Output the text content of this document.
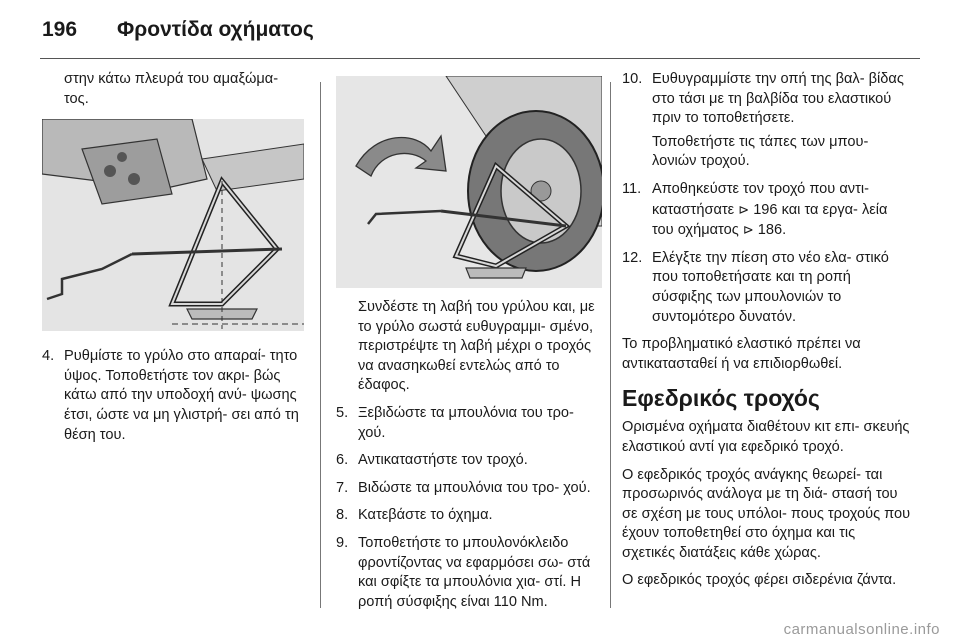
196 Φροντίδα οχήματος
στην κάτω πλευρά του αμαξώμα‐
τος.
4. Ρυθμίστε το γρύλο στο απαραί‐ τητο ύψος. Τοποθετήστε τον ακρι‐ βώς κάτω από την υποδοχή ανύ‐ ψωσης έτσι, ώστε να μη γλιστρή‐ σει από τη θέση του.
Συνδέστε τη λαβή του γρύλου και, με το γρύλο σωστά ευθυγραμμι‐ σμένο, περιστρέψτε τη λαβή μέχρι ο τροχός να ανασηκωθεί εντελώς από το έδαφος.
5. Ξεβιδώστε τα μπουλόνια του τρο‐ χού.
6. Αντικαταστήστε τον τροχό.
7. Βιδώστε τα μπουλόνια του τρο‐ χού.
8. Κατεβάστε το όχημα.
9. Τοποθετήστε το μπουλονόκλειδο φροντίζοντας να εφαρμόσει σω‐ στά και σφίξτε τα μπουλόνια χια‐ στί. Η ροπή σύσφιξης είναι 110 Nm.
10. Ευθυγραμμίστε την οπή της βαλ‐ βίδας στο τάσι με τη βαλβίδα του ελαστικού πριν το τοποθετήσετε.

Τοποθετήστε τις τάπες των μπου‐ λονιών τροχού.

11. Αποθηκεύστε τον τροχό που αντι‐ καταστήσατε ⊳ 196 και τα εργα‐ λεία του οχήματος ⊳ 186.
12. Ελέγξτε την πίεση στο νέο ελα‐ στικό που τοποθετήσατε και τη ροπή σύσφιξης των μπουλονιών το συντομότερο δυνατόν.

Το προβληματικό ελαστικό πρέπει να αντικατασταθεί ή να επιδιορθωθεί.

Εφεδρικός τροχός

Ορισμένα οχήματα διαθέτουν κιτ επι‐ σκευής ελαστικού αντί για εφεδρικό τροχό.

Ο εφεδρικός τροχός ανάγκης θεωρεί‐ ται προσωρινός ανάλογα με τη διά‐ στασή του σε σχέση με τους υπόλοι‐ πους τροχούς που έχουν τοποθετηθεί στο όχημα και τις σχετικές διατάξεις κάθε χώρας.

Ο εφεδρικός τροχός φέρει σιδερένια ζάντα.

carmanualsonline.info
